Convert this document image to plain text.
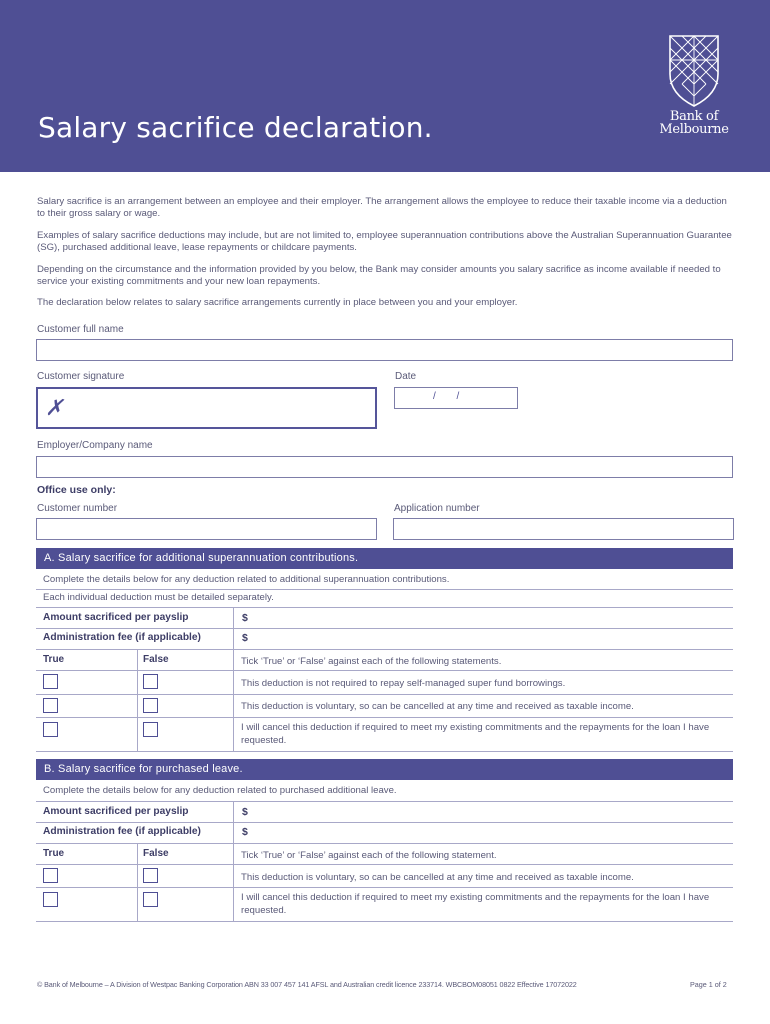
Salary sacrifice declaration.	Bank of
Melbourne
Salary sacrifice is an arrangement between an employee and their employer. The arrangement allows the employee to reduce their taxable income via a deduction to their gross salary or wage.
Examples of salary sacrifice deductions may include, but are not limited to, employee superannuation contributions above the Australian Superannuation Guarantee (SG), purchased additional leave, lease repayments or childcare payments.
Depending on the circumstance and the information provided by you below, the Bank may consider amounts you salary sacrifice as income available if needed to service your existing commitments and your new loan repayments.
The declaration below relates to salary sacrifice arrangements currently in place between you and your employer.
Customer full name
Customer signature
✗
Date
/ /
Employer/Company name
Office use only:
Customer number	Application number
A. Salary sacrifice for additional superannuation contributions.
Complete the details below for any deduction related to additional superannuation contributions.
Each individual deduction must be detailed separately.
Amount sacrificed per payslip	$
Administration fee (if applicable)	$
True	False	Tick ‘True’ or ‘False’ against each of the following statements.
This deduction is not required to repay self-managed super fund borrowings.
This deduction is voluntary, so can be cancelled at any time and received as taxable income.
I will cancel this deduction if required to meet my existing commitments and the repayments for the loan I have requested.
B. Salary sacrifice for purchased leave.
Complete the details below for any deduction related to purchased additional leave.
Amount sacrificed per payslip	$
Administration fee (if applicable)	$
True	False	Tick ‘True’ or ‘False’ against each of the following statement.
This deduction is voluntary, so can be cancelled at any time and received as taxable income.
I will cancel this deduction if required to meet my existing commitments and the repayments for the loan I have requested.
© Bank of Melbourne – A Division of Westpac Banking Corporation ABN 33 007 457 141 AFSL and Australian credit licence 233714. WBCBOM08051 0822 Effective 17072022	Page 1 of 2
